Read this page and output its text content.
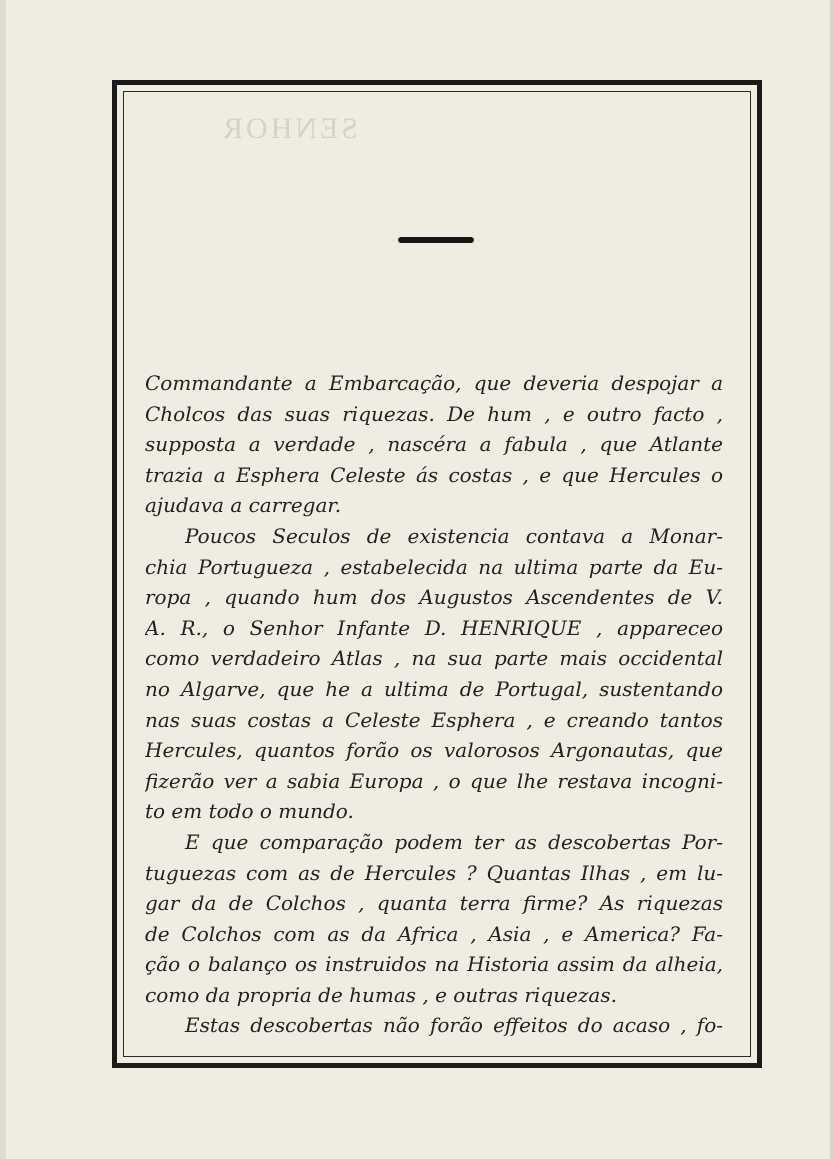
SENHOR
Commandante a Embarcação, que deveria despojar a
Cholcos das suas riquezas. De hum , e outro facto ,
supposta a verdade , nascéra a fabula , que Atlante
trazia a Esphera Celeste ás costas , e que Hercules o
ajudava a carregar.
Poucos Seculos de existencia contava a Monar-
chia Portugueza , estabelecida na ultima parte da Eu-
ropa , quando hum dos Augustos Ascendentes de V.
A. R., o Senhor Infante D. HENRIQUE , appareceo
como verdadeiro Atlas , na sua parte mais occidental
no Algarve, que he a ultima de Portugal, sustentando
nas suas costas a Celeste Esphera , e creando tantos
Hercules, quantos forão os valorosos Argonautas, que
fizerão ver a sabia Europa , o que lhe restava incogni-
to em todo o mundo.
E que comparação podem ter as descobertas Por-
tuguezas com as de Hercules ? Quantas Ilhas , em lu-
gar da de Colchos , quanta terra firme? As riquezas
de Colchos com as da Africa , Asia , e America? Fa-
ção o balanço os instruidos na Historia assim da alheia,
como da propria de humas , e outras riquezas.
Estas descobertas não forão effeitos do acaso , fo-
